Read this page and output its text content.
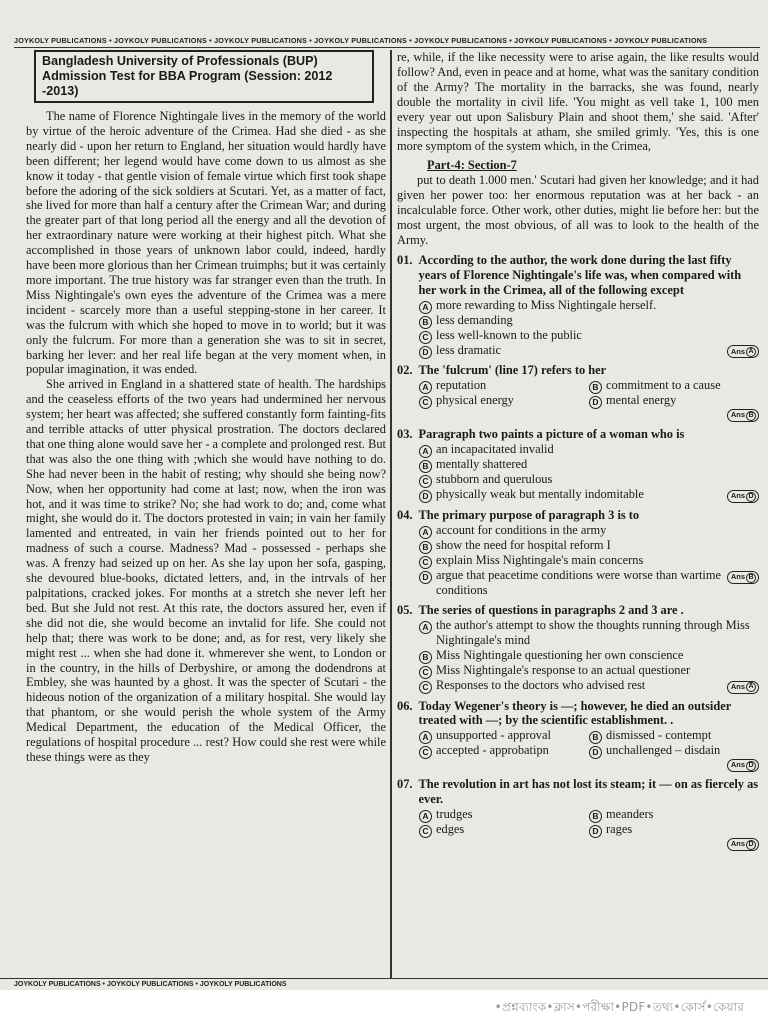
JOYKOLY PUBLICATIONS • JOYKOLY PUBLICATIONS • JOYKOLY PUBLICATIONS • JOYKOLY PUBLICATIONS • JOYKOLY PUBLICATIONS • JOYKOLY PUBLICATIONS • JOYKOLY PUBLICATIONS
Bangladesh University of Professionals (BUP)
Admission Test for BBA Program (Session: 2012 -2013)

The name of Florence Nightingale lives in the memory of the world by virtue of the heroic adventure of the Crimea. Had she died - as she nearly did - upon her return to England, her situation would hardly have been different; her legend would have come down to us almost as she know it today - that gentle vision of female virtue which first took shape before the adoring of the sick soldiers at Scutari. Yet, as a matter of fact, she lived for more than half a century after the Crimean War; and during the greater part of that long period all the energy and all the devotion of her extraordinary nature were working at their highest pitch. What she accomplished in those years of unknown labor could, indeed, hardly have been more glorious than her Crimean truimphs; but it was certainly more important. The true history was far stranger even than the truth. In Miss Nightingale's own eyes the adventure of the Crimea was a mere incident - scarcely more than a useful stepping-stone in her career. It was the fulcrum with which she hoped to move in to world; but it was only the fulcrum. For more than a generation she was to sit in secret, barking her lever: and her real life began at the very moment when, in popular imagination, it was ended.

She arrived in England in a shattered state of health. The hardships and the ceaseless efforts of the two years had undermined her nervous system; her heart was affected; she suffered constantly form fainting-fits and terrible attacks of utter physical prostration. The doctors declared that one thing alone would save her - a complete and prolonged rest. But that was also the one thing with ;which she would have nothing to do. She had never been in the habit of resting; why should she being now? Now, when her opportunity had come at last; now, when the iron was hot, and it was time to strike? No; she had work to do; and, come what might, she would do it. The doctors protested in vain; in vain her family lamented and entreated, in vain her friends pointed out to her for madness of such a course. Madness? Mad - possessed - perhaps she was. A frenzy had seized up on her. As she lay upon her sofa, gasping, she devoured blue-books, dictated letters, and, in the intrvals of her palpitations, cracked jokes. For months at a stretch she never left her bed. But she Juld not rest. At this rate, the doctors assured her, even if she did not die, she would become an invtalid for life. She could not help that; there was work to be done; and, as for rest, very likely she might rest ... when she had done it. whmerever she went, to London or in the country, in the hills of Derbyshire, or among the dodendrons at Embley, she was haunted by a ghost. It was the specter of Scutari - the hideous notion of the organization of a military hospital. She would lay that phantom, or she would perish the whole system of the Army Medical Department, the education of the Medical Officer, the regulations of hospital procedure ... rest? How could she rest were while these things were as they

re, while, if the like necessity were to arise again, the like results would follow? And, even in peace and at home, what was the sanitary condition of the Army? The mortality in the barracks, she was found, nearly double the mortality in civil life. 'You might as vell take 1, 100 men every year out upon Salisbury Plain and shoot them,' she said. 'After' inspecting the hospitals at atham, she smiled grimly. 'Yes, this is one more symptom of the system which, in the Crimea,

Part-4: Section-7

put to death 1.000 men.' Scutari had given her knowledge; and it had given her power too: her enormous reputation was at her back - an incalculable force. Other work, other duties, might lie before her: but the most urgent, the most obvious, of all was to look to the health of the Army.

01. According to the author, the work done during the last fifty years of Florence Nightingale's life was, when compared with her work in the Crimea, all of the following except
A more rewarding to Miss Nightingale herself.
B less demanding
C less well-known to the public
D less dramatic	Ans A
02. The 'fulcrum' (line 17) refers to her
A reputation	B commitment to a cause
C physical energy	D mental energy
Ans B
03. Paragraph two paints a picture of a woman who is
A an incapacitated invalid
B mentally shattered
C stubborn and querulous
D physically weak but mentally indomitable	Ans D
04. The primary purpose of paragraph 3 is to
A account for conditions in the army
B show the need for hospital reform I
C explain Miss Nightingale's main concerns
D argue that peacetime conditions were worse than wartime conditions
Ans B
05. The series of questions in paragraphs 2 and 3 are .
A the author's attempt to show the thoughts running through Miss Nightingale's mind
B Miss Nightingale questioning her own conscience
C Miss Nightingale's response to an actual questioner
C Responses to the doctors who advised rest	Ans A
06. Today Wegener's theory is —; however, he died an outsider treated with —; by the scientific establishment. .
A unsupported - approval	B dismissed - contempt
C accepted - approbatipn	D unchallenged – disdain
Ans D
07. The revolution in art has not lost its steam; it — on as fiercely as ever.
A trudges	B meanders
C edges	D rages
Ans D
JOYKOLY PUBLICATIONS • JOYKOLY PUBLICATIONS • JOYKOLY PUBLICATIONS
•প্রশ্নব্যাংক•ক্লাস•পরীক্ষা•PDF•তথ্য•কোর্স•কেয়ার
